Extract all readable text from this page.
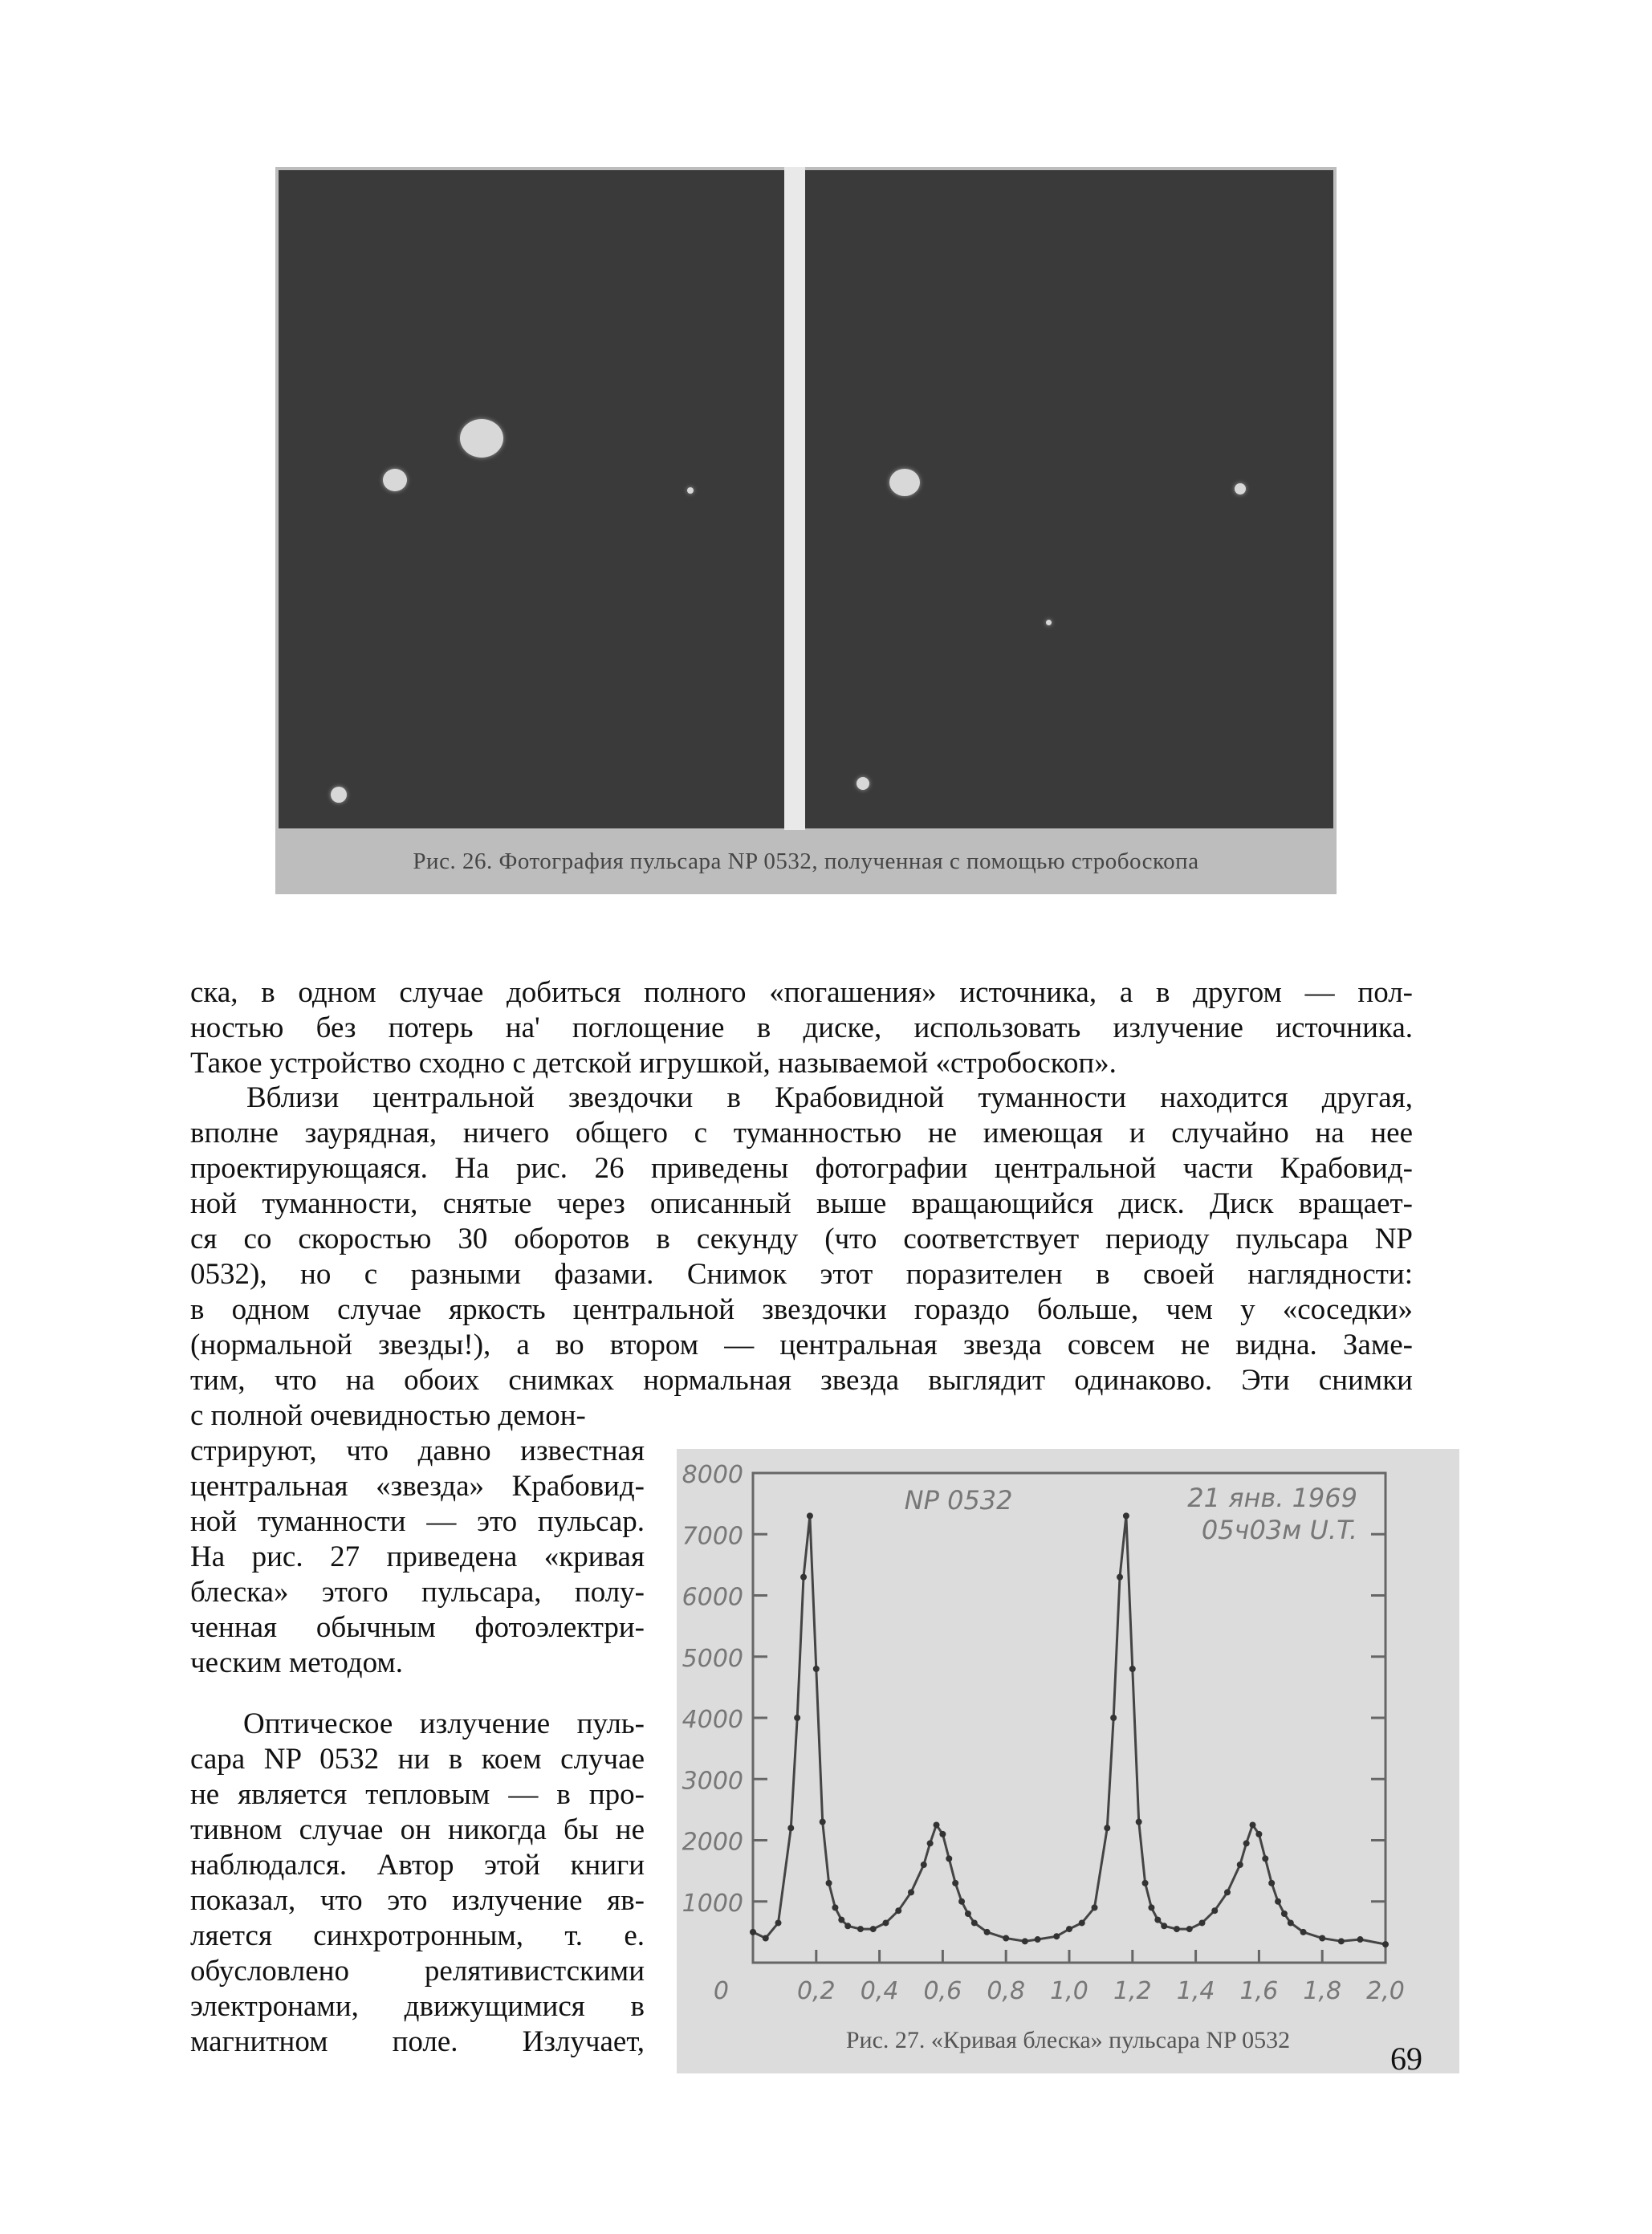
Рис. 26. Фотография пульсара NP 0532, полученная с помощью стробоскопа
ска, в одном случае добиться полного «погашения» источника, а в другом — пол-
ностью без потерь на' поглощение в диске, использовать излучение источника.
Такое устройство сходно с детской игрушкой, называемой «стробоскоп».
Вблизи центральной звездочки в Крабовидной туманности находится другая,
вполне заурядная, ничего общего с туманностью не имеющая и случайно на нее
проектирующаяся. На рис. 26 приведены фотографии центральной части Крабовид-
ной туманности, снятые через описанный выше вращающийся диск. Диск вращает-
ся со скоростью 30 оборотов в секунду (что соответствует периоду пульсара NP
0532), но с разными фазами. Снимок этот поразителен в своей наглядности:
в одном случае яркость центральной звездочки гораздо больше, чем у «соседки»
(нормальной звезды!), а во втором — центральная звезда совсем не видна. Заме-
тим, что на обоих снимках нормальная звезда выглядит одинаково. Эти снимки
с полной очевидностью демон-
стрируют, что давно известная
центральная «звезда» Крабовид-
ной туманности — это пульсар.
На рис. 27 приведена «кривая
блеска» этого пульсара, полу-
ченная обычным фотоэлектри-
ческим методом.
Оптическое излучение пуль-
сара NP 0532 ни в коем случае
не является тепловым — в про-
тивном случае он никогда бы не
наблюдался. Автор этой книги
показал, что это излучение яв-
ляется синхротронным, т. е.
обусловлено релятивистскими
электронами, движущимися в
магнитном поле. Излучает,
0
1000
2000
3000
4000
5000
6000
7000
8000
0,2 0,4 0,6 0,8 1,0 1,2 1,4 1,6 1,8 2,0
NP 0532	21 янв. 1969
05ч03м U.T.
Рис. 27. «Кривая блеска» пульсара NP 0532
69
